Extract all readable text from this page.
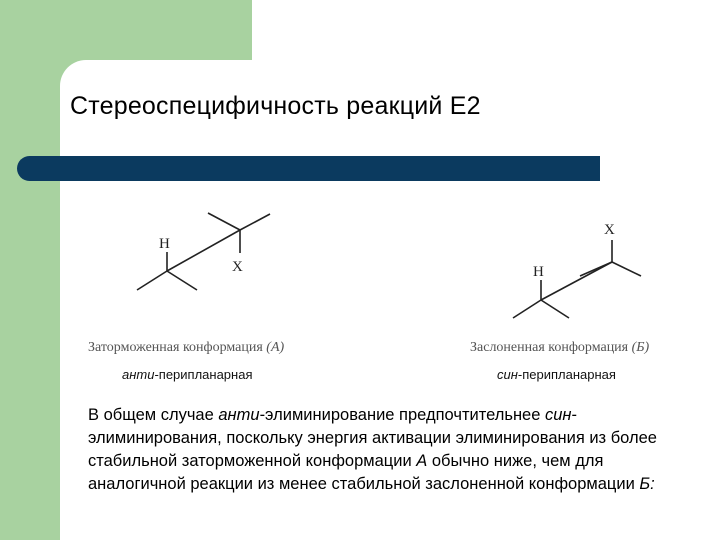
Стереоспецифичность реакций Е2
H
X
Заторможенная конформация (А)
анти-перипланарная
X
H
Заслоненная конформация (Б)
син-перипланарная

В общем случае анти-элиминирование предпочтительнее син-элиминирования, поскольку энергия активации элиминирования из более стабильной заторможенной конформации А обычно ниже, чем для аналогичной реакции из менее стабильной заслоненной конформации Б:
